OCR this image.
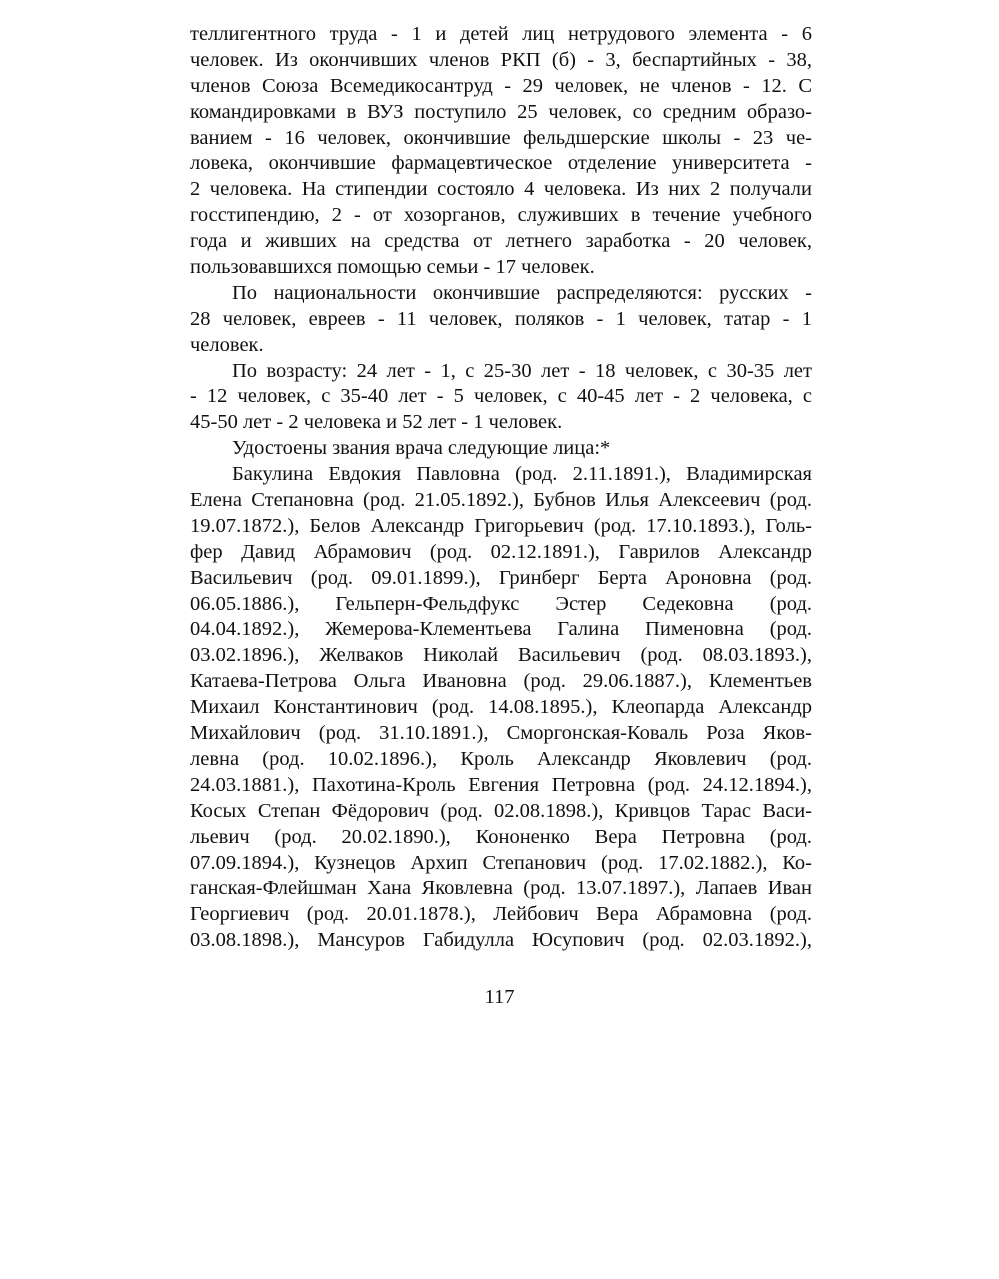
теллигентного труда - 1 и детей лиц нетрудового элемента - 6
человек. Из окончивших членов РКП (б) - 3, беспартийных - 38,
членов Союза Всемедикосантруд - 29 человек, не членов - 12. С
командировками в ВУЗ поступило 25 человек, со средним образо-
ванием - 16 человек, окончившие фельдшерские школы - 23 че-
ловека, окончившие фармацевтическое отделение университета -
2 человека. На стипендии состояло 4 человека. Из них 2 получали
госстипендию, 2 - от хозорганов, служивших в течение учебного
года и живших на средства от летнего заработка - 20 человек,
пользовавшихся помощью семьи - 17 человек.
По национальности окончившие распределяются: русских -
28 человек, евреев - 11 человек, поляков - 1 человек, татар - 1
человек.
По возрасту: 24 лет - 1, с 25-30 лет - 18 человек, с 30-35 лет
- 12 человек, с 35-40 лет - 5 человек, с 40-45 лет - 2 человека, с
45-50 лет - 2 человека и 52 лет - 1 человек.
Удостоены звания врача следующие лица:*
Бакулина Евдокия Павловна (род. 2.11.1891.), Владимирская
Елена Степановна (род. 21.05.1892.), Бубнов Илья Алексеевич (род.
19.07.1872.), Белов Александр Григорьевич (род. 17.10.1893.), Голь-
фер Давид Абрамович (род. 02.12.1891.), Гаврилов Александр
Васильевич (род. 09.01.1899.), Гринберг Берта Ароновна (род.
06.05.1886.), Гельперн-Фельдфукс Эстер Седековна (род.
04.04.1892.), Жемерова-Клементьева Галина Пименовна (род.
03.02.1896.), Желваков Николай Васильевич (род. 08.03.1893.),
Катаева-Петрова Ольга Ивановна (род. 29.06.1887.), Клементьев
Михаил Константинович (род. 14.08.1895.), Клеопарда Александр
Михайлович (род. 31.10.1891.), Сморгонская-Коваль Роза Яков-
левна (род. 10.02.1896.), Кроль Александр Яковлевич (род.
24.03.1881.), Пахотина-Кроль Евгения Петровна (род. 24.12.1894.),
Косых Степан Фёдорович (род. 02.08.1898.), Кривцов Тарас Васи-
льевич (род. 20.02.1890.), Кононенко Вера Петровна (род.
07.09.1894.), Кузнецов Архип Степанович (род. 17.02.1882.), Ко-
ганская-Флейшман Хана Яковлевна (род. 13.07.1897.), Лапаев Иван
Георгиевич (род. 20.01.1878.), Лейбович Вера Абрамовна (род.
03.08.1898.), Мансуров Габидулла Юсупович (род. 02.03.1892.),
117
